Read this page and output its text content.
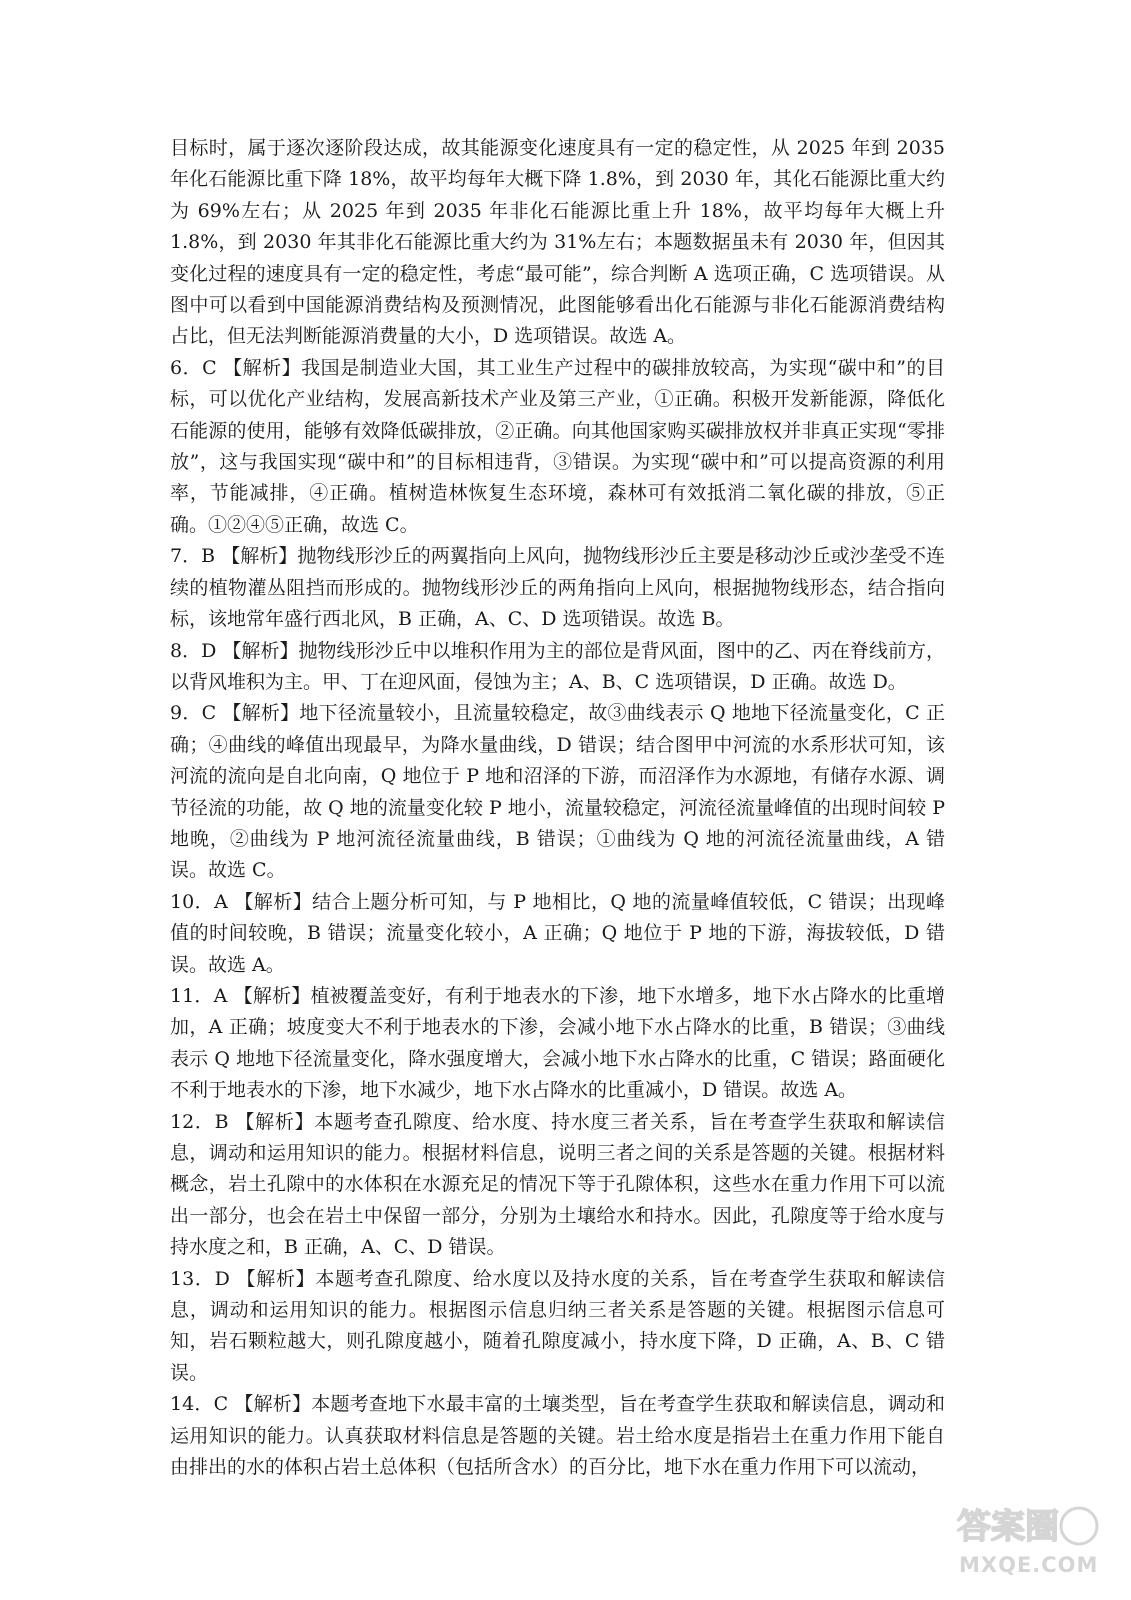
目标时，属于逐次逐阶段达成，故其能源变化速度具有一定的稳定性，从 2025 年到 2035 年化石能源比重下降 18%，故平均每年大概下降 1.8%，到 2030 年，其化石能源比重大约为 69%左右；从 2025 年到 2035 年非化石能源比重上升 18%，故平均每年大概上升 1.8%，到 2030 年其非化石能源比重大约为 31%左右；本题数据虽未有 2030 年，但因其变化过程的速度具有一定的稳定性，考虑“最可能”，综合判断 A 选项正确，C 选项错误。从图中可以看到中国能源消费结构及预测情况，此图能够看出化石能源与非化石能源消费结构占比，但无法判断能源消费量的大小，D 选项错误。故选 A。

6．C 【解析】我国是制造业大国，其工业生产过程中的碳排放较高，为实现“碳中和”的目标，可以优化产业结构，发展高新技术产业及第三产业，①正确。积极开发新能源，降低化石能源的使用，能够有效降低碳排放，②正确。向其他国家购买碳排放权并非真正实现“零排放”，这与我国实现“碳中和”的目标相违背，③错误。为实现“碳中和”可以提高资源的利用率，节能减排，④正确。植树造林恢复生态环境，森林可有效抵消二氧化碳的排放，⑤正确。①②④⑤正确，故选 C。

7．B 【解析】抛物线形沙丘的两翼指向上风向，抛物线形沙丘主要是移动沙丘或沙垄受不连续的植物灌丛阻挡而形成的。抛物线形沙丘的两角指向上风向，根据抛物线形态，结合指向标，该地常年盛行西北风，B 正确，A、C、D 选项错误。故选 B。

8．D 【解析】抛物线形沙丘中以堆积作用为主的部位是背风面，图中的乙、丙在脊线前方，以背风堆积为主。甲、丁在迎风面，侵蚀为主；A、B、C 选项错误，D 正确。故选 D。

9．C 【解析】地下径流量较小，且流量较稳定，故③曲线表示 Q 地地下径流量变化，C 正确；④曲线的峰值出现最早，为降水量曲线，D 错误；结合图甲中河流的水系形状可知，该河流的流向是自北向南，Q 地位于 P 地和沼泽的下游，而沼泽作为水源地，有储存水源、调节径流的功能，故 Q 地的流量变化较 P 地小，流量较稳定，河流径流量峰值的出现时间较 P 地晚，②曲线为 P 地河流径流量曲线，B 错误；①曲线为 Q 地的河流径流量曲线，A 错误。故选 C。

10．A 【解析】结合上题分析可知，与 P 地相比，Q 地的流量峰值较低，C 错误；出现峰值的时间较晚，B 错误；流量变化较小，A 正确；Q 地位于 P 地的下游，海拔较低，D 错误。故选 A。

11．A 【解析】植被覆盖变好，有利于地表水的下渗，地下水增多，地下水占降水的比重增加，A 正确；坡度变大不利于地表水的下渗，会减小地下水占降水的比重，B 错误；③曲线表示 Q 地地下径流量变化，降水强度增大，会减小地下水占降水的比重，C 错误；路面硬化不利于地表水的下渗，地下水减少，地下水占降水的比重减小，D 错误。故选 A。

12．B 【解析】本题考查孔隙度、给水度、持水度三者关系，旨在考查学生获取和解读信息，调动和运用知识的能力。根据材料信息，说明三者之间的关系是答题的关键。根据材料概念，岩土孔隙中的水体积在水源充足的情况下等于孔隙体积，这些水在重力作用下可以流出一部分，也会在岩土中保留一部分，分别为土壤给水和持水。因此，孔隙度等于给水度与持水度之和，B 正确，A、C、D 错误。

13．D 【解析】本题考查孔隙度、给水度以及持水度的关系，旨在考查学生获取和解读信息，调动和运用知识的能力。根据图示信息归纳三者关系是答题的关键。根据图示信息可知，岩石颗粒越大，则孔隙度越小，随着孔隙度减小，持水度下降，D 正确，A、B、C 错误。

14．C 【解析】本题考查地下水最丰富的土壤类型，旨在考查学生获取和解读信息，调动和运用知识的能力。认真获取材料信息是答题的关键。岩土给水度是指岩土在重力作用下能自由排出的水的体积占岩土总体积（包括所含水）的百分比，地下水在重力作用下可以流动，

答案圈
MXQE.COM
